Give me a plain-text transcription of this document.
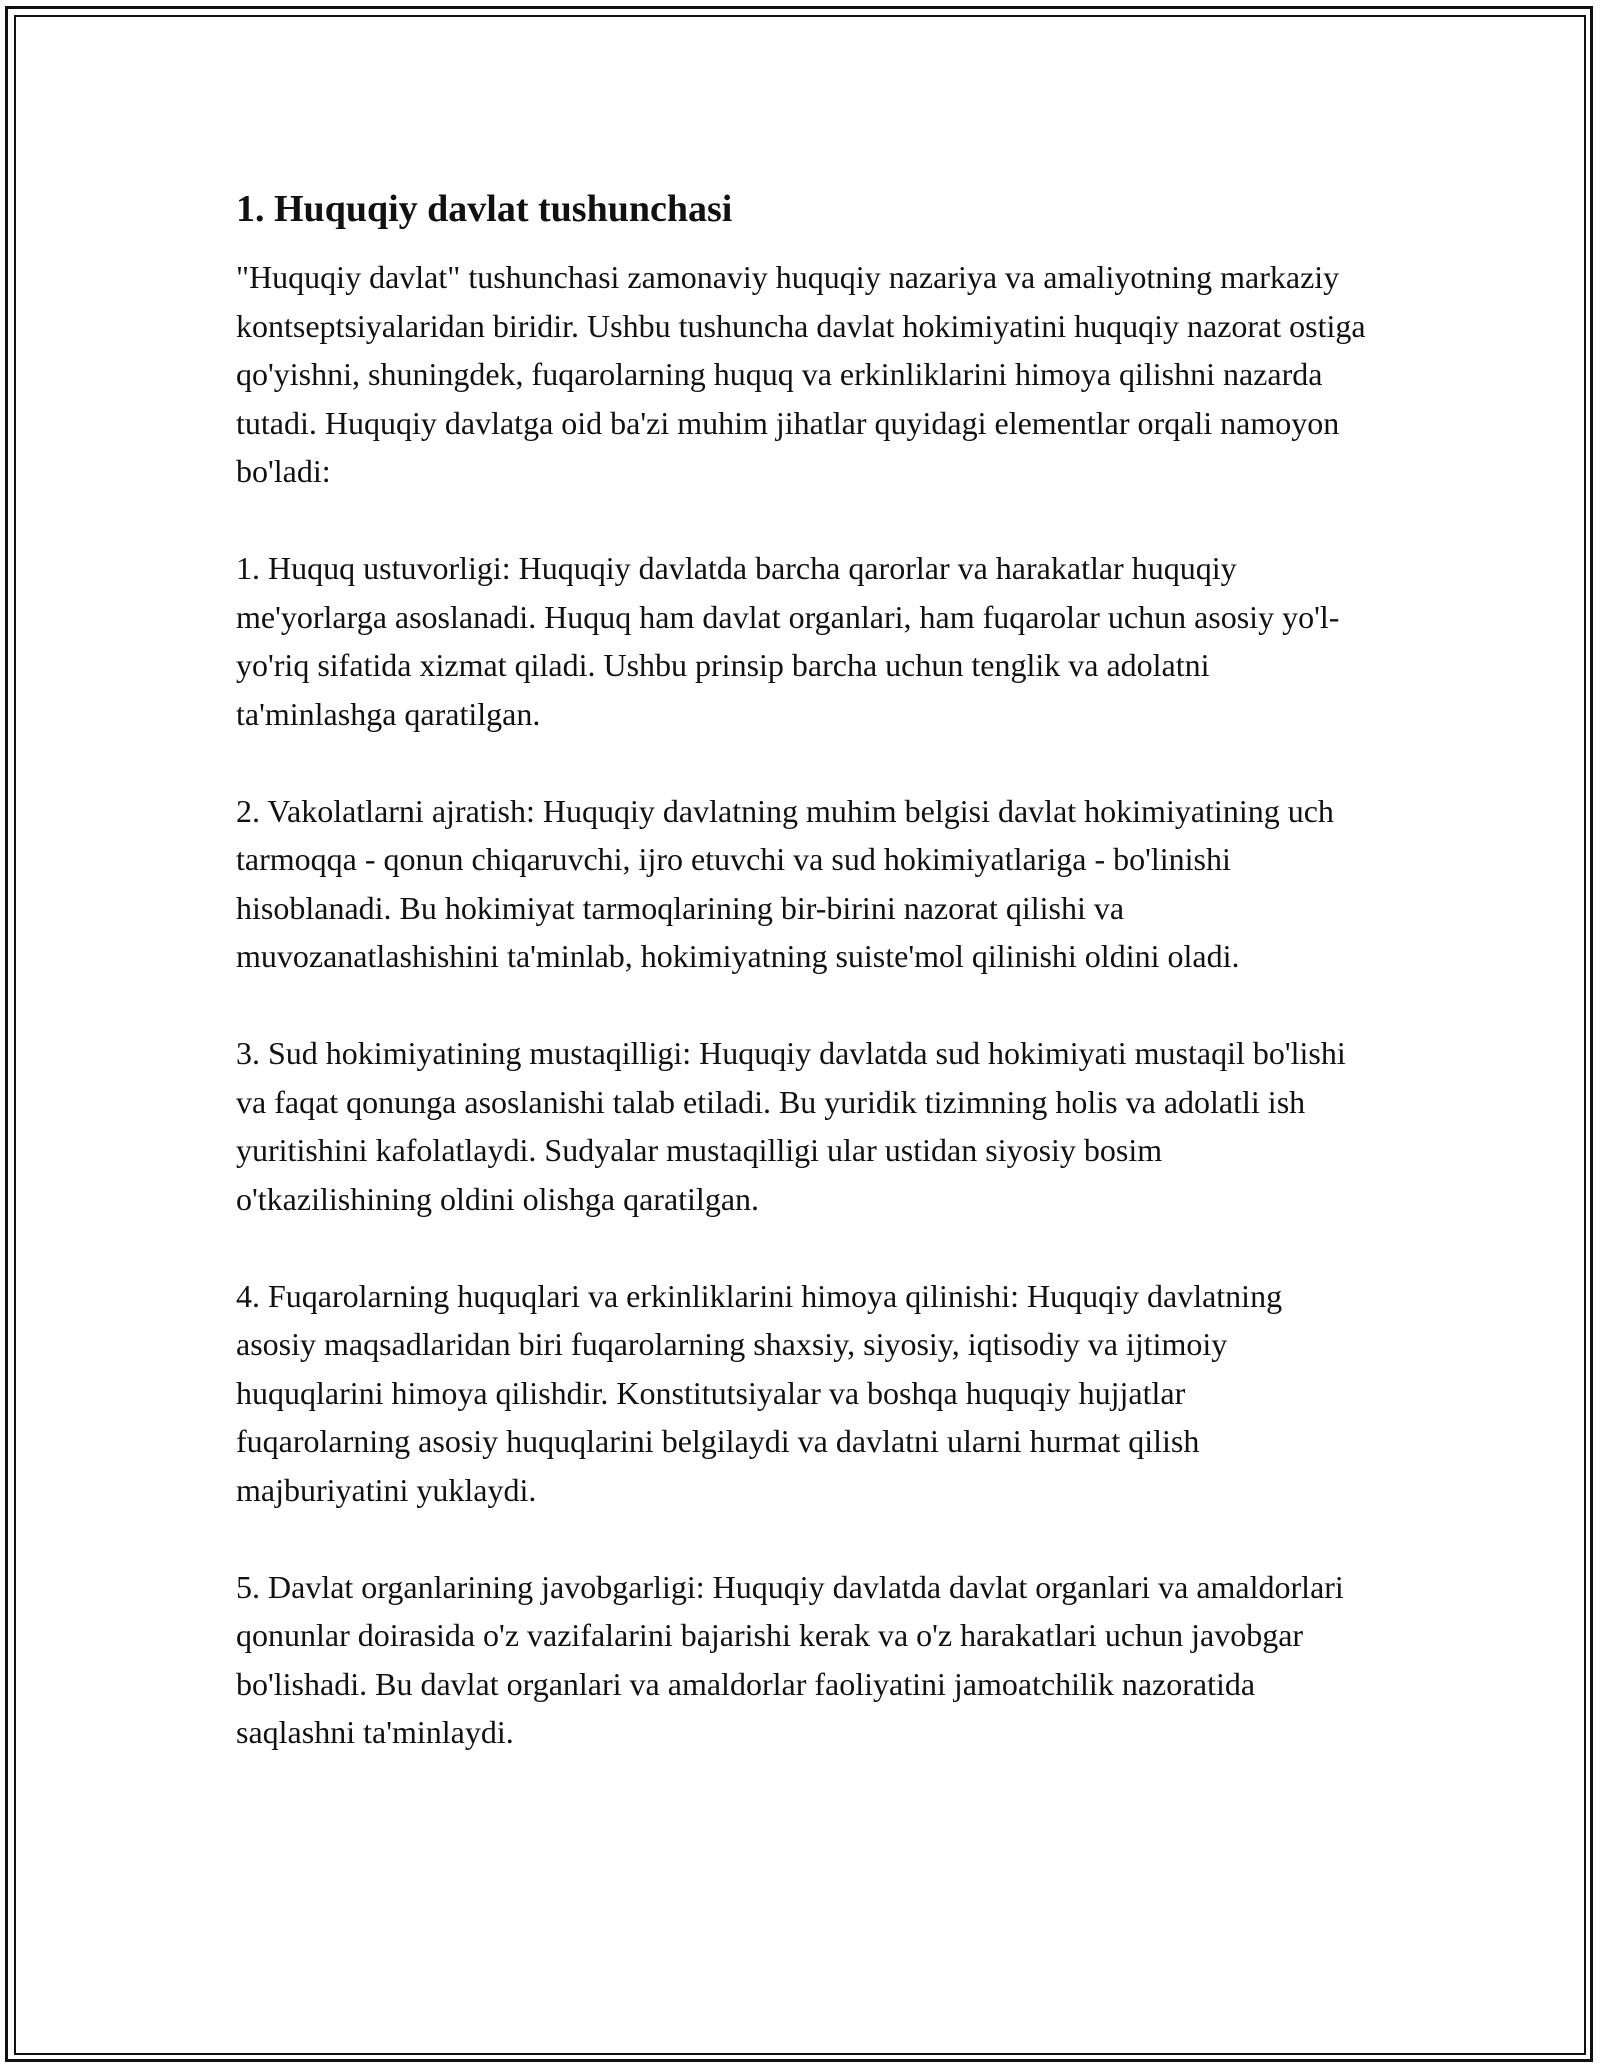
1. Huquqiy davlat tushunchasi

"Huquqiy davlat" tushunchasi zamonaviy huquqiy nazariya va amaliyotning markaziy kontseptsiyalaridan biridir. Ushbu tushuncha davlat hokimiyatini huquqiy nazorat ostiga qo'yishni, shuningdek, fuqarolarning huquq va erkinliklarini himoya qilishni nazarda tutadi. Huquqiy davlatga oid ba'zi muhim jihatlar quyidagi elementlar orqali namoyon bo'ladi:

1. Huquq ustuvorligi: Huquqiy davlatda barcha qarorlar va harakatlar huquqiy me'yorlarga asoslanadi. Huquq ham davlat organlari, ham fuqarolar uchun asosiy yo'l-yo'riq sifatida xizmat qiladi. Ushbu prinsip barcha uchun tenglik va adolatni ta'minlashga qaratilgan.

2. Vakolatlarni ajratish: Huquqiy davlatning muhim belgisi davlat hokimiyatining uch tarmoqqa - qonun chiqaruvchi, ijro etuvchi va sud hokimiyatlariga - bo'linishi hisoblanadi. Bu hokimiyat tarmoqlarining bir-birini nazorat qilishi va muvozanatlashishini ta'minlab, hokimiyatning suiste'mol qilinishi oldini oladi.

3. Sud hokimiyatining mustaqilligi: Huquqiy davlatda sud hokimiyati mustaqil bo'lishi va faqat qonunga asoslanishi talab etiladi. Bu yuridik tizimning holis va adolatli ish yuritishini kafolatlaydi. Sudyalar mustaqilligi ular ustidan siyosiy bosim o'tkazilishining oldini olishga qaratilgan.

4. Fuqarolarning huquqlari va erkinliklarini himoya qilinishi: Huquqiy davlatning asosiy maqsadlaridan biri fuqarolarning shaxsiy, siyosiy, iqtisodiy va ijtimoiy huquqlarini himoya qilishdir. Konstitutsiyalar va boshqa huquqiy hujjatlar fuqarolarning asosiy huquqlarini belgilaydi va davlatni ularni hurmat qilish majburiyatini yuklaydi.

5. Davlat organlarining javobgarligi: Huquqiy davlatda davlat organlari va amaldorlari qonunlar doirasida o'z vazifalarini bajarishi kerak va o'z harakatlari uchun javobgar bo'lishadi. Bu davlat organlari va amaldorlar faoliyatini jamoatchilik nazoratida saqlashni ta'minlaydi.
